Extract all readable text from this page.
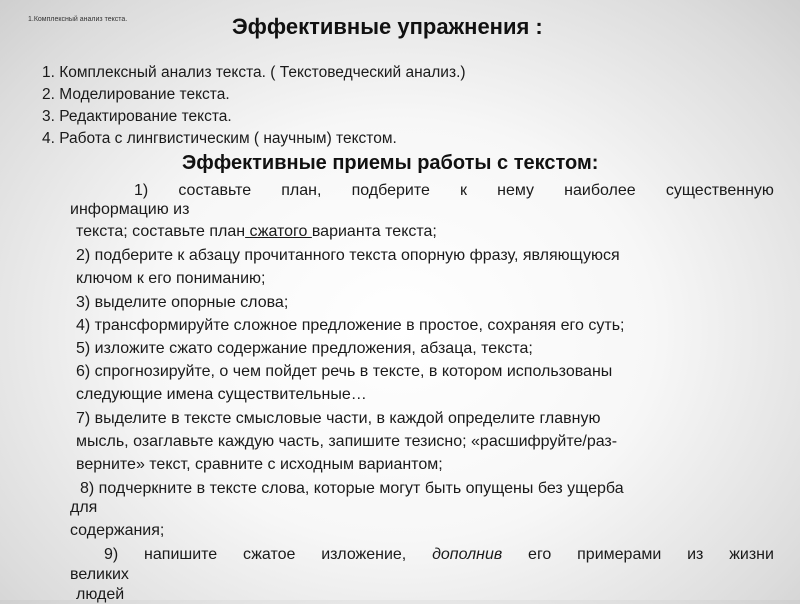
1.Комплексный анализ текста.	Эффективные упражнения :
1. Комплексный анализ текста. ( Текстоведческий анализ.)
2. Моделирование текста.
3. Редактирование текста.
4. Работа с лингвистическим ( научным) текстом.
Эффективные приемы работы с текстом:
1) составьте план, подберите к нему наиболее существенную
информацию из
текста; составьте план сжатого варианта текста;
2) подберите к абзацу прочитанного текста опорную фразу, являющуюся
ключом к его пониманию;
3) выделите опорные слова;
4) трансформируйте сложное предложение в простое, сохраняя его суть;
5) изложите сжато содержание предложения, абзаца, текста;
6) спрогнозируйте, о чем пойдет речь в тексте, в котором использованы
следующие имена существительные…
7) выделите в тексте смысловые части, в каждой определите главную
мысль, озаглавьте каждую часть, запишите тезисно; «расшифруйте/раз-
верните» текст, сравните с исходным вариантом;
8) подчеркните в тексте слова, которые могут быть опущены без ущерба
для
содержания;
9) напишите сжатое изложение, дополнив его примерами из жизни
великих
людей
